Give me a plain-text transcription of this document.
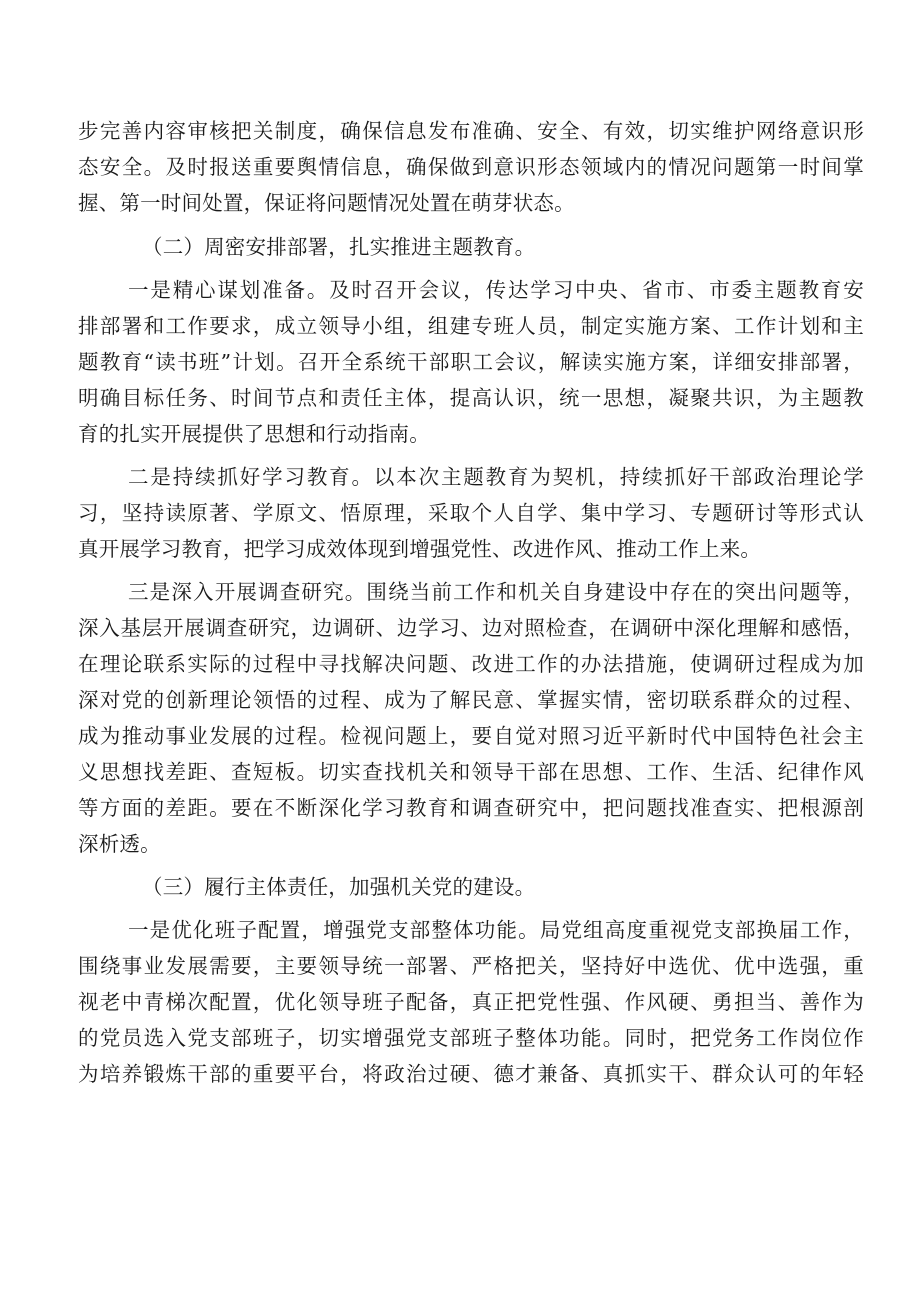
步完善内容审核把关制度，确保信息发布准确、安全、有效，切实维护网络意识形
态安全。及时报送重要舆情信息，确保做到意识形态领域内的情况问题第一时间掌
握、第一时间处置，保证将问题情况处置在萌芽状态。
（二）周密安排部署，扎实推进主题教育。
一是精心谋划准备。及时召开会议，传达学习中央、省市、市委主题教育安
排部署和工作要求，成立领导小组，组建专班人员，制定实施方案、工作计划和主
题教育“读书班”计划。召开全系统干部职工会议，解读实施方案，详细安排部署，
明确目标任务、时间节点和责任主体，提高认识，统一思想，凝聚共识，为主题教
育的扎实开展提供了思想和行动指南。
二是持续抓好学习教育。以本次主题教育为契机，持续抓好干部政治理论学
习，坚持读原著、学原文、悟原理，采取个人自学、集中学习、专题研讨等形式认
真开展学习教育，把学习成效体现到增强党性、改进作风、推动工作上来。
三是深入开展调查研究。围绕当前工作和机关自身建设中存在的突出问题等，
深入基层开展调查研究，边调研、边学习、边对照检查，在调研中深化理解和感悟，
在理论联系实际的过程中寻找解决问题、改进工作的办法措施，使调研过程成为加
深对党的创新理论领悟的过程、成为了解民意、掌握实情，密切联系群众的过程、
成为推动事业发展的过程。检视问题上，要自觉对照习近平新时代中国特色社会主
义思想找差距、查短板。切实查找机关和领导干部在思想、工作、生活、纪律作风
等方面的差距。要在不断深化学习教育和调查研究中，把问题找准查实、把根源剖
深析透。
（三）履行主体责任，加强机关党的建设。
一是优化班子配置，增强党支部整体功能。局党组高度重视党支部换届工作，
围绕事业发展需要，主要领导统一部署、严格把关，坚持好中选优、优中选强，重
视老中青梯次配置，优化领导班子配备，真正把党性强、作风硬、勇担当、善作为
的党员选入党支部班子，切实增强党支部班子整体功能。同时，把党务工作岗位作
为培养锻炼干部的重要平台，将政治过硬、德才兼备、真抓实干、群众认可的年轻
